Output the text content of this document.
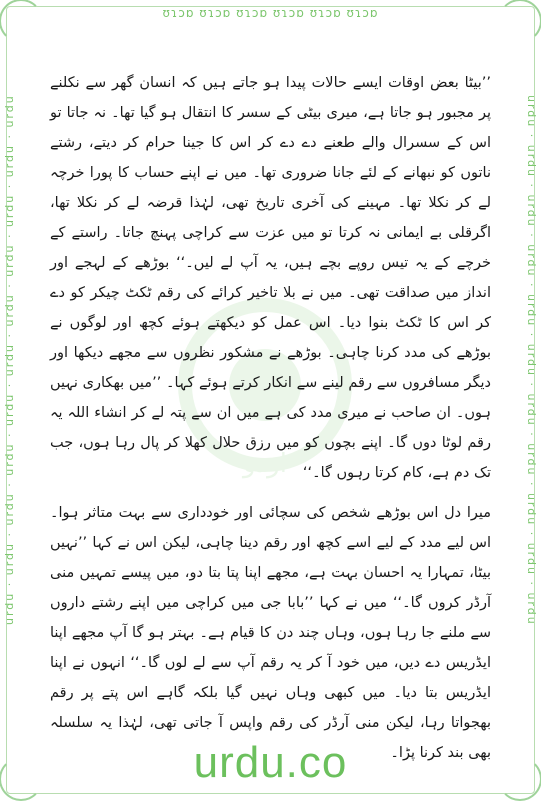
ʊɿɔɒ ʊɿɔɒ ʊɿɔɒ ʊɿɔɒ ʊɿɔɒ ʊɿɔɒ
urdu · urdu · urdu · urdu · urdu · urdu · urdu · urdu · urdu · urdu · urdu	urdu · urdu · urdu · urdu · urdu · urdu · urdu · urdu · urdu · urdu · urdu
اردو

’’بیٹا بعض اوقات ایسے حالات پیدا ہو جاتے ہیں کہ انسان گھر سے نکلنے پر مجبور ہو جاتا ہے، میری بیٹی کے سسر کا انتقال ہو گیا تھا۔ نہ جاتا تو اس کے سسرال والے طعنے دے دے کر اس کا جینا حرام کر دیتے، رشتے ناتوں کو نبھانے کے لئے جانا ضروری تھا۔ میں نے اپنے حساب کا پورا خرچہ لے کر نکلا تھا۔ مہینے کی آخری تاریخ تھی، لہٰذا قرضہ لے کر نکلا تھا، اگرقلی بے ایمانی نہ کرتا تو میں عزت سے کراچی پہنچ جاتا۔ راستے کے خرچے کے یہ تیس روپے بچے ہیں، یہ آپ لے لیں۔‘‘ بوڑھے کے لہجے اور انداز میں صداقت تھی۔ میں نے بلا تاخیر کرائے کی رقم ٹکٹ چیکر کو دے کر اس کا ٹکٹ بنوا دیا۔ اس عمل کو دیکھتے ہوئے کچھ اور لوگوں نے بوڑھے کی مدد کرنا چاہی۔ بوڑھے نے مشکور نظروں سے مجھے دیکھا اور دیگر مسافروں سے رقم لینے سے انکار کرتے ہوئے کہا۔ ’’میں بھکاری نہیں ہوں۔ ان صاحب نے میری مدد کی ہے میں ان سے پتہ لے کر انشاء اللہ یہ رقم لوٹا دوں گا۔ اپنے بچوں کو میں رزق حلال کھلا کر پال رہا ہوں، جب تک دم ہے، کام کرتا رہوں گا۔‘‘

میرا دل اس بوڑھے شخص کی سچائی اور خودداری سے بہت متاثر ہوا۔ اس لیے مدد کے لیے اسے کچھ اور رقم دینا چاہی، لیکن اس نے کہا ’’نہیں بیٹا، تمہارا یہ احسان بہت ہے، مجھے اپنا پتا بتا دو، میں پیسے تمہیں منی آرڈر کروں گا۔‘‘ میں نے کہا ’’بابا جی میں کراچی میں اپنے رشتے داروں سے ملنے جا رہا ہوں، وہاں چند دن کا قیام ہے۔ بہتر ہو گا آپ مجھے اپنا ایڈریس دے دیں، میں خود آ کر یہ رقم آپ سے لے لوں گا۔‘‘ انہوں نے اپنا ایڈریس بتا دیا۔ میں کبھی وہاں نہیں گیا بلکہ گاہے اس پتے پر رقم بھجواتا رہا، لیکن منی آرڈر کی رقم واپس آ جاتی تھی، لہٰذا یہ سلسلہ بھی بند کرنا پڑا۔

urdu.co
